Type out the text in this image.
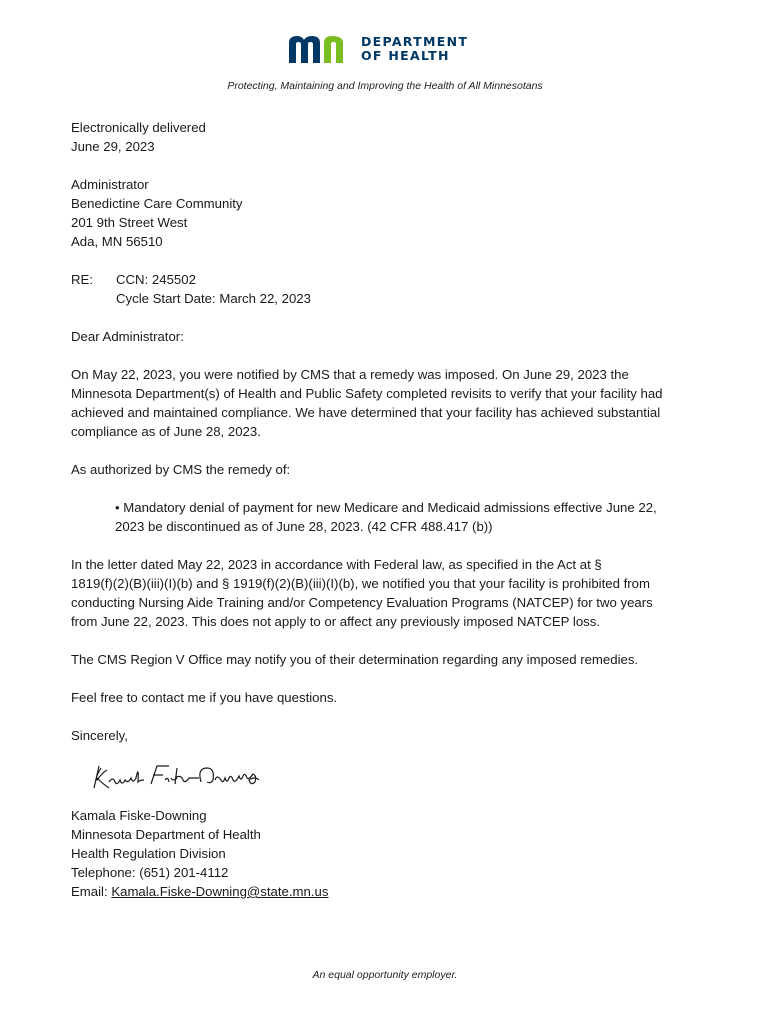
DEPARTMENT
OF HEALTH
Protecting, Maintaining and Improving the Health of All Minnesotans
Electronically delivered
June 29, 2023
Administrator
Benedictine Care Community
201 9th Street West
Ada, MN 56510
RE:	CCN: 245502
Cycle Start Date: March 22, 2023
Dear Administrator:
On May 22, 2023, you were notified by CMS that a remedy was imposed. On June 29, 2023 the
Minnesota Department(s) of Health and Public Safety completed revisits to verify that your facility had
achieved and maintained compliance. We have determined that your facility has achieved substantial
compliance as of June 28, 2023.
As authorized by CMS the remedy of:
• Mandatory denial of payment for new Medicare and Medicaid admissions effective June 22,
2023 be discontinued as of June 28, 2023. (42 CFR 488.417 (b))
In the letter dated May 22, 2023 in accordance with Federal law, as specified in the Act at §
1819(f)(2)(B)(iii)(I)(b) and § 1919(f)(2)(B)(iii)(I)(b), we notified you that your facility is prohibited from
conducting Nursing Aide Training and/or Competency Evaluation Programs (NATCEP) for two years
from June 22, 2023. This does not apply to or affect any previously imposed NATCEP loss.
The CMS Region V Office may notify you of their determination regarding any imposed remedies.
Feel free to contact me if you have questions.
Sincerely,
Kamala Fiske-Downing
Minnesota Department of Health
Health Regulation Division
Telephone: (651) 201-4112
Email: Kamala.Fiske-Downing@state.mn.us
An equal opportunity employer.
